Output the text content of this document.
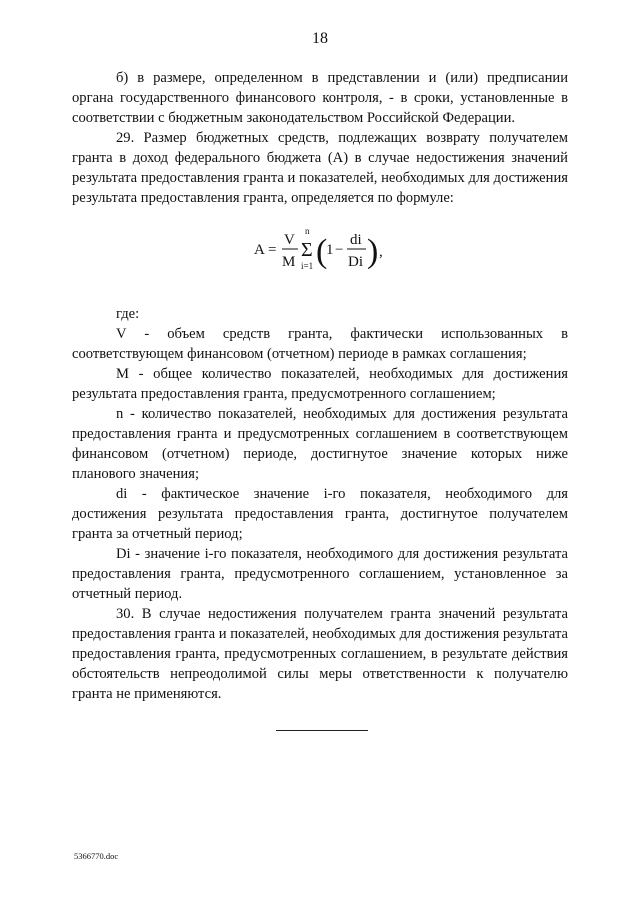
18

б) в размере, определенном в представлении и (или) предписании органа государственного финансового контроля, - в сроки, установленные в соответствии с бюджетным законодательством Российской Федерации.

29. Размер бюджетных средств, подлежащих возврату получателем гранта в доход федерального бюджета (A) в случае недостижения значений результата предоставления гранта и показателей, необходимых для достижения результата предоставления гранта, определяется по формуле:

A =
V
M
n
Σ
i=1 (
1 −
di
Di ) ,

где:

V - объем средств гранта, фактически использованных в соответствующем финансовом (отчетном) периоде в рамках соглашения;

M - общее количество показателей, необходимых для достижения результата предоставления гранта, предусмотренного соглашением;

n - количество показателей, необходимых для достижения результата предоставления гранта и предусмотренных соглашением в соответствующем финансовом (отчетном) периоде, достигнутое значение которых ниже планового значения;

di - фактическое значение i-го показателя, необходимого для достижения результата предоставления гранта, достигнутое получателем гранта за отчетный период;

Di - значение i-го показателя, необходимого для достижения результата предоставления гранта, предусмотренного соглашением, установленное за отчетный период.

30. В случае недостижения получателем гранта значений результата предоставления гранта и показателей, необходимых для достижения результата предоставления гранта, предусмотренных соглашением, в результате действия обстоятельств непреодолимой силы меры ответственности к получателю гранта не применяются.

5366770.doc
